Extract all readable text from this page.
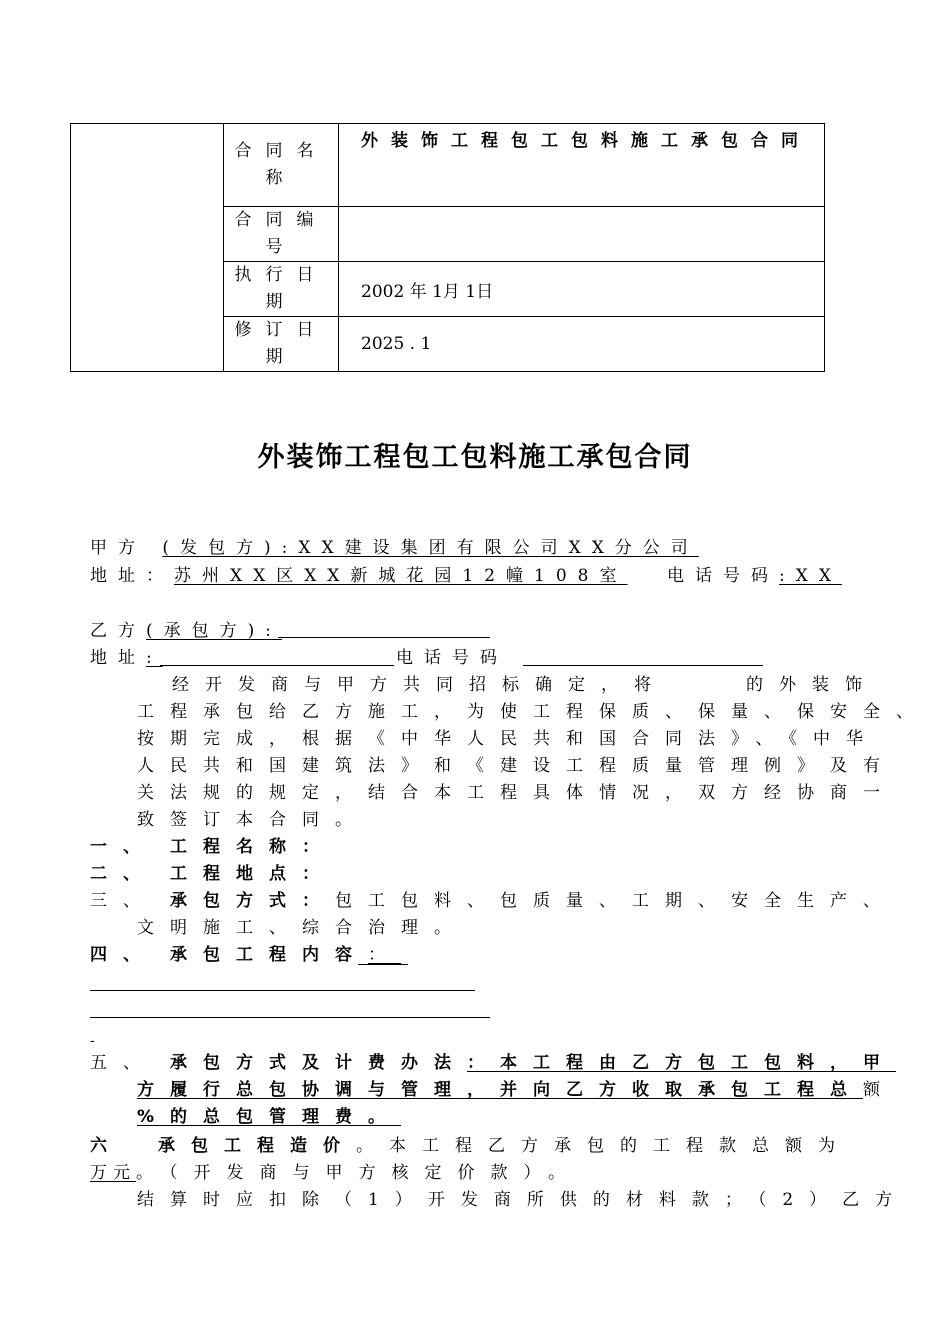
	合同名称	外装饰工程包工包料施工承包合同
	合同编号	
	执行日期	2002 年 1月 1日
	修订日期	2025 . 1
外装饰工程包工包料施工承包合同
甲方 (发包方):XX建设集团有限公司XX分公司
地址：苏州XX区XX新城花园12幢108室 电话号码:XX
乙方(承包方):
地址:	电话号码
经开发商与甲方共同招标确定，将	的外装饰
工程承包给乙方施工，为使工程保质、保量、保安全、
按期完成，根据《中华人民共和国合同法》、《中华
人民共和国建筑法》和《建设工程质量管理例》及有
关法规的规定，结合本工程具体情况，双方经协商一
致签订本合同。
一、 工程名称：
二、 工程地点：
三、 承包方式：包工包料、包质量、工期、安全生产、
文明施工、综合治理。
四、 承包工程内容：
-
五、 承包方式及计费办法：本工程由乙方包工包料，甲
方履行总包协调与管理，并向乙方收取承包工程总额
%的总包管理费。
六	承包工程造价。本工程乙方承包的工程款总额为
万元。（开发商与甲方核定价款）。
结算时应扣除（1）开发商所供的材料款；（2）乙方
